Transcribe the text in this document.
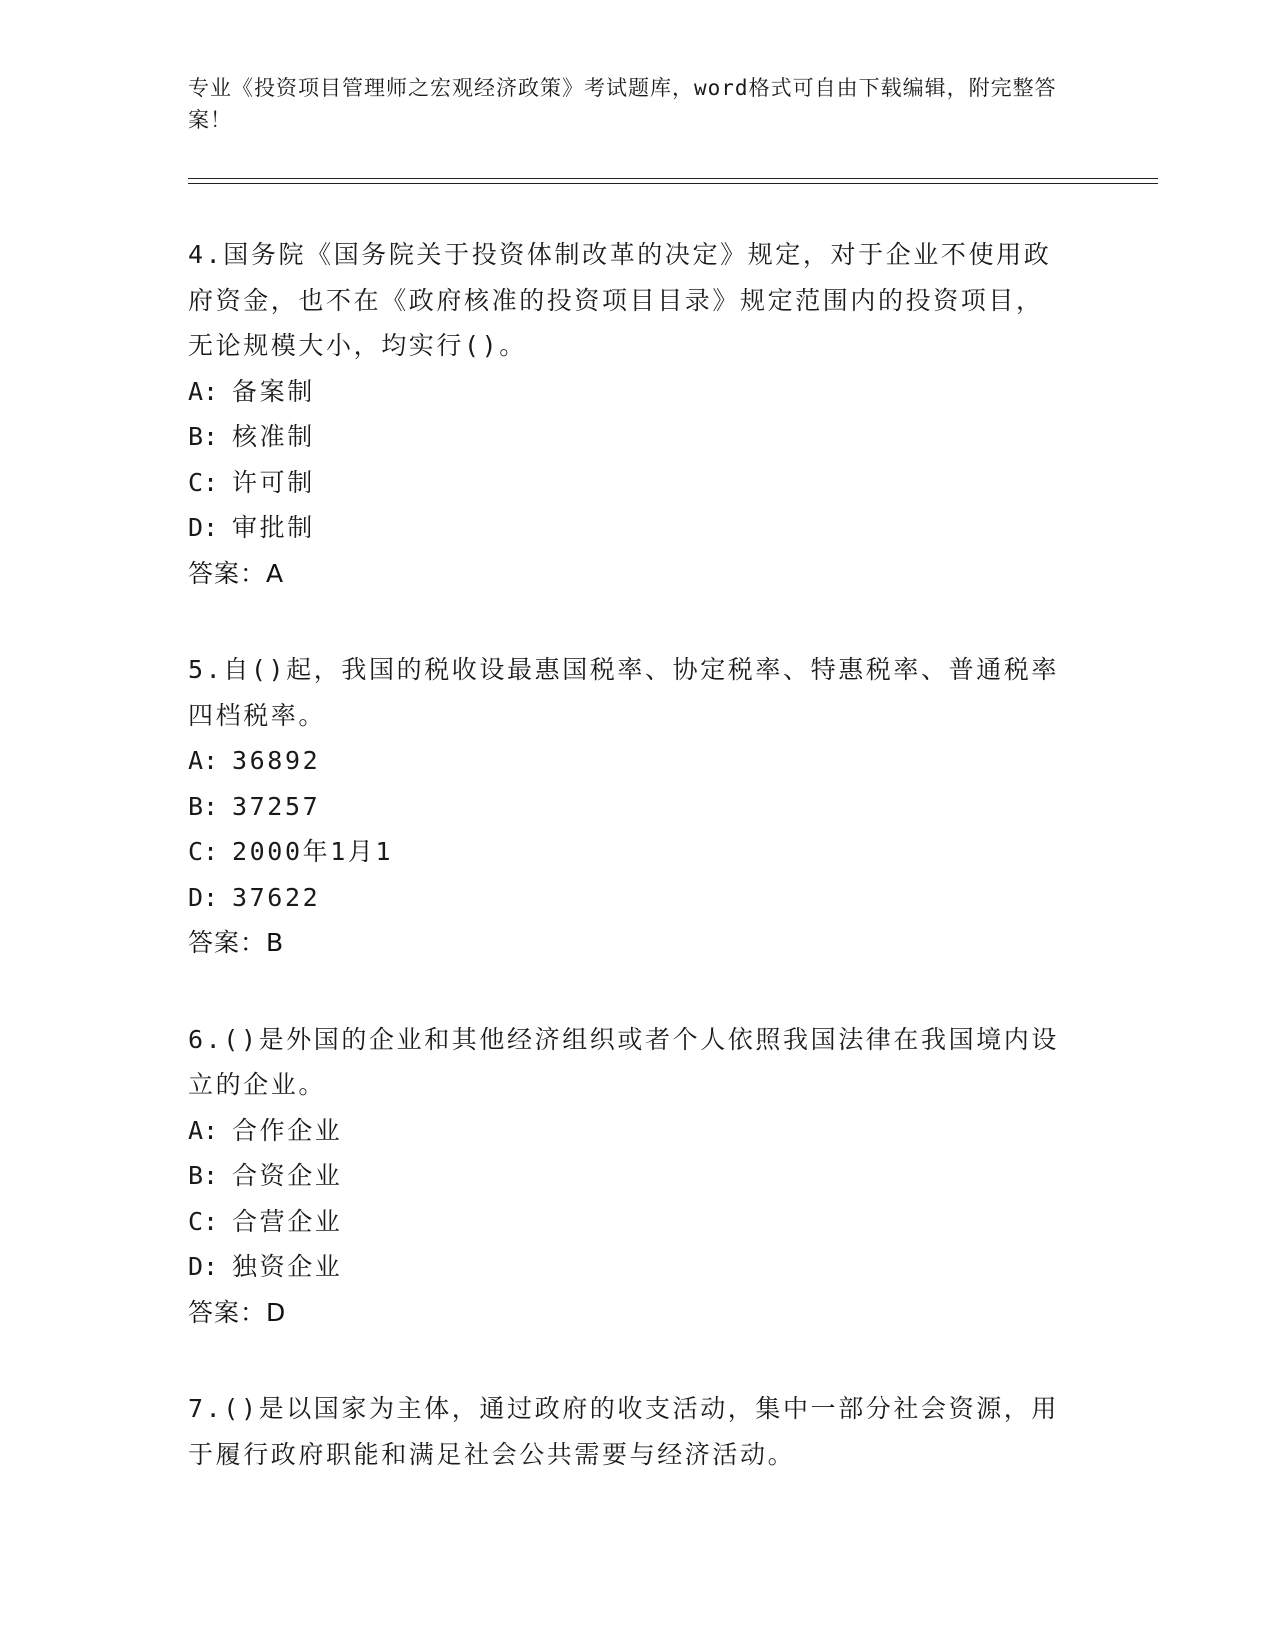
专业《投资项目管理师之宏观经济政策》考试题库，word格式可自由下载编辑，附完整答案！

4.国务院《国务院关于投资体制改革的决定》规定，对于企业不使用政府资金，也不在《政府核准的投资项目目录》规定范围内的投资项目，无论规模大小，均实行()。

A: 备案制

B: 核准制

C: 许可制

D: 审批制

答案：A

5.自()起，我国的税收设最惠国税率、协定税率、特惠税率、普通税率四档税率。

A: 36892

B: 37257

C: 2000年1月1

D: 37622

答案：B

6.()是外国的企业和其他经济组织或者个人依照我国法律在我国境内设立的企业。

A: 合作企业

B: 合资企业

C: 合营企业

D: 独资企业

答案：D

7.()是以国家为主体，通过政府的收支活动，集中一部分社会资源，用于履行政府职能和满足社会公共需要与经济活动。
